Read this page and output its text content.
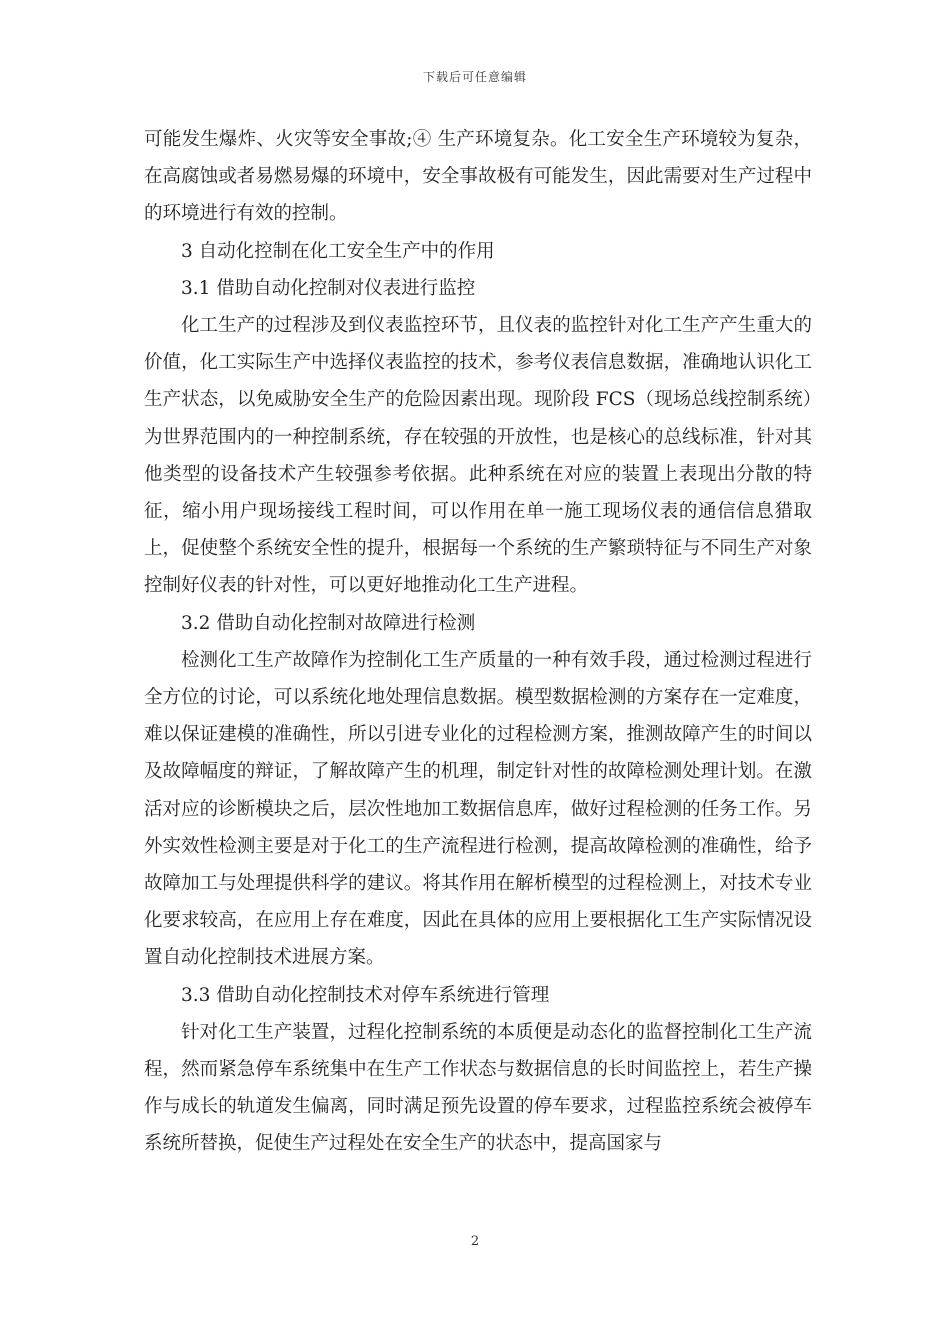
下载后可任意编辑

可能发生爆炸、火灾等安全事故;④ 生产环境复杂。化工安全生产环境较为复杂，在高腐蚀或者易燃易爆的环境中，安全事故极有可能发生，因此需要对生产过程中的环境进行有效的控制。

3 自动化控制在化工安全生产中的作用

3.1 借助自动化控制对仪表进行监控

化工生产的过程涉及到仪表监控环节，且仪表的监控针对化工生产产生重大的价值，化工实际生产中选择仪表监控的技术，参考仪表信息数据，准确地认识化工生产状态，以免威胁安全生产的危险因素出现。现阶段 FCS（现场总线控制系统）为世界范围内的一种控制系统，存在较强的开放性，也是核心的总线标准，针对其他类型的设备技术产生较强参考依据。此种系统在对应的装置上表现出分散的特征，缩小用户现场接线工程时间，可以作用在单一施工现场仪表的通信信息猎取上，促使整个系统安全性的提升，根据每一个系统的生产繁琐特征与不同生产对象控制好仪表的针对性，可以更好地推动化工生产进程。

3.2 借助自动化控制对故障进行检测

检测化工生产故障作为控制化工生产质量的一种有效手段，通过检测过程进行全方位的讨论，可以系统化地处理信息数据。模型数据检测的方案存在一定难度，难以保证建模的准确性，所以引进专业化的过程检测方案，推测故障产生的时间以及故障幅度的辩证，了解故障产生的机理，制定针对性的故障检测处理计划。在激活对应的诊断模块之后，层次性地加工数据信息库，做好过程检测的任务工作。另外实效性检测主要是对于化工的生产流程进行检测，提高故障检测的准确性，给予故障加工与处理提供科学的建议。将其作用在解析模型的过程检测上，对技术专业化要求较高，在应用上存在难度，因此在具体的应用上要根据化工生产实际情况设置自动化控制技术进展方案。

3.3 借助自动化控制技术对停车系统进行管理

针对化工生产装置，过程化控制系统的本质便是动态化的监督控制化工生产流程，然而紧急停车系统集中在生产工作状态与数据信息的长时间监控上，若生产操作与成长的轨道发生偏离，同时满足预先设置的停车要求，过程监控系统会被停车系统所替换，促使生产过程处在安全生产的状态中，提高国家与

2
